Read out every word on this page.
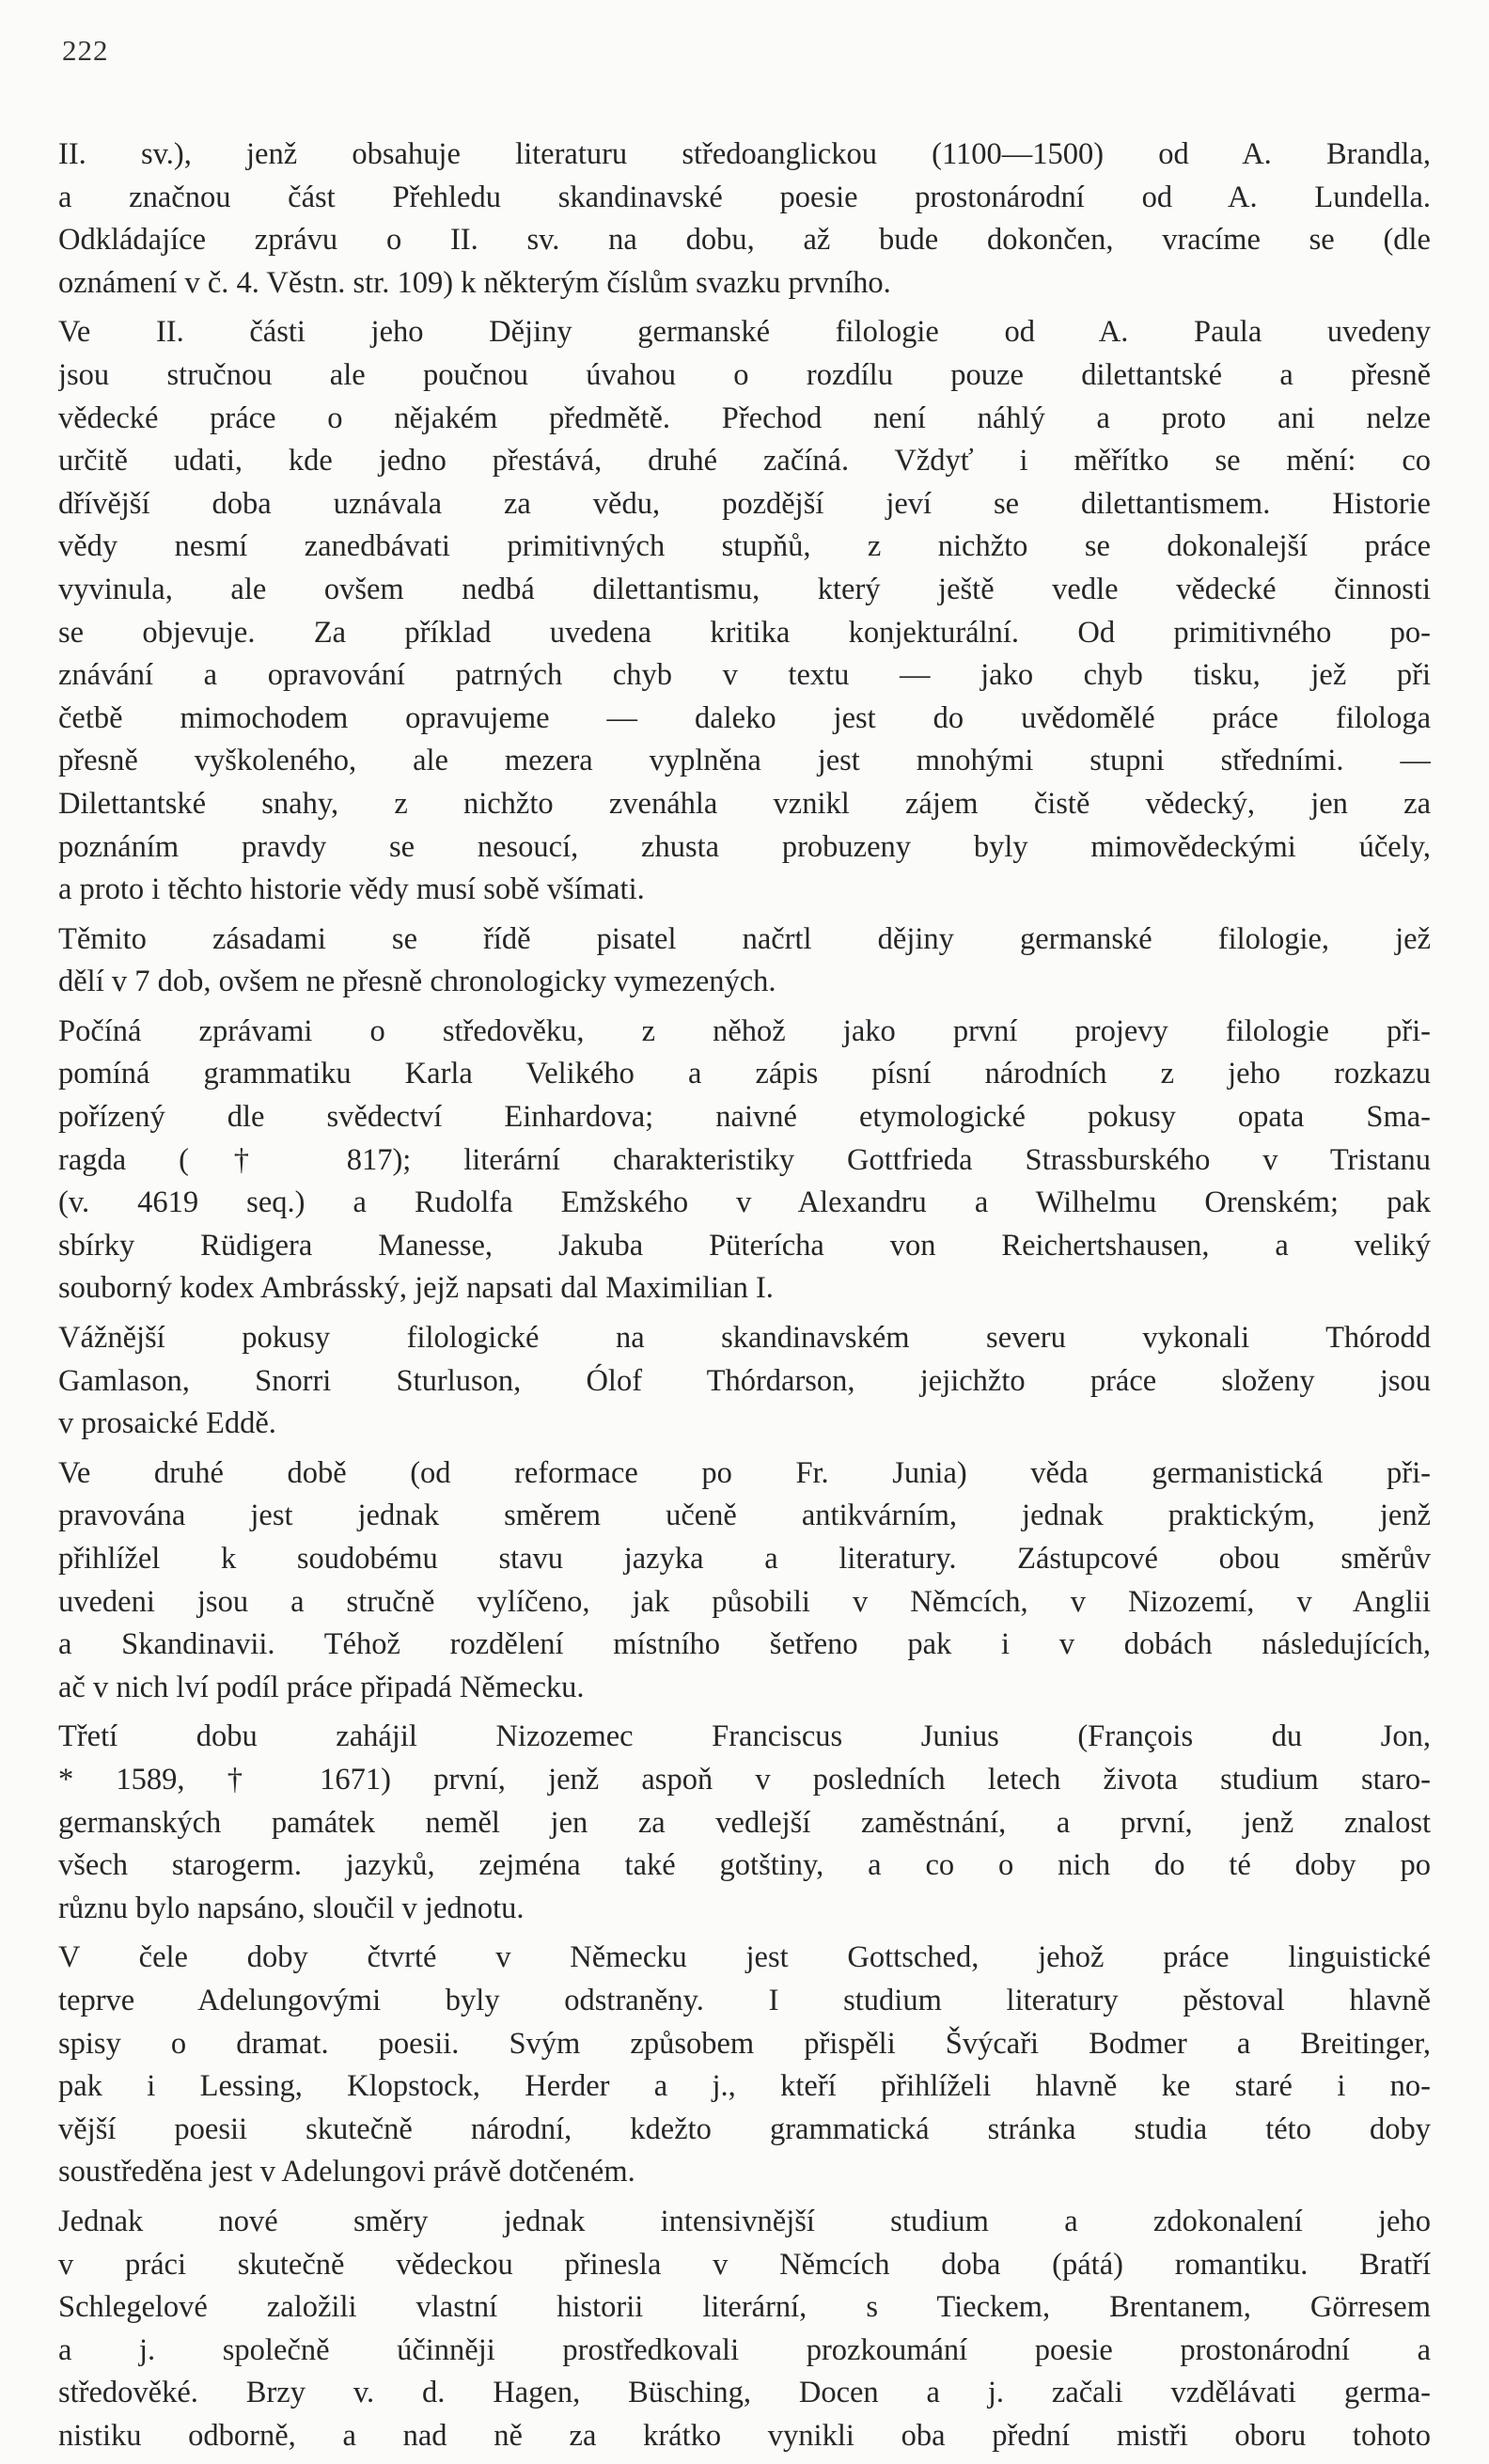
222
II. sv.), jenž obsahuje literaturu středoanglickou (1100—1500) od A. Brandla,
a značnou část Přehledu skandinavské poesie prostonárodní od A. Lundella.
Odkládajíce zprávu o II. sv. na dobu, až bude dokončen, vracíme se (dle
oznámení v č. 4. Věstn. str. 109) k některým číslům svazku prvního.
Ve II. části jeho Dějiny germanské filologie od A. Paula uvedeny
jsou stručnou ale poučnou úvahou o rozdílu pouze dilettantské a přesně
vědecké práce o nějakém předmětě. Přechod není náhlý a proto ani nelze
určitě udati, kde jedno přestává, druhé začíná. Vždyť i měřítko se mění: co
dřívější doba uznávala za vědu, pozdější jeví se dilettantismem. Historie
vědy nesmí zanedbávati primitivných stupňů, z nichžto se dokonalejší práce
vyvinula, ale ovšem nedbá dilettantismu, který ještě vedle vědecké činnosti
se objevuje. Za příklad uvedena kritika konjekturální. Od primitivného po-
znávání a opravování patrných chyb v textu — jako chyb tisku, jež při
četbě mimochodem opravujeme — daleko jest do uvědomělé práce filologa
přesně vyškoleného, ale mezera vyplněna jest mnohými stupni středními. —
Dilettantské snahy, z nichžto zvenáhla vznikl zájem čistě vědecký, jen za
poznáním pravdy se nesoucí, zhusta probuzeny byly mimovědeckými účely,
a proto i těchto historie vědy musí sobě všímati.
Těmito zásadami se řídě pisatel načrtl dějiny germanské filologie, jež
dělí v 7 dob, ovšem ne přesně chronologicky vymezených.
Počíná zprávami o středověku, z něhož jako první projevy filologie při-
pomíná grammatiku Karla Velikého a zápis písní národních z jeho rozkazu
pořízený dle svědectví Einhardova; naivné etymologické pokusy opata Sma-
ragda († 817); literární charakteristiky Gottfrieda Strassburského v Tristanu
(v. 4619 seq.) a Rudolfa Emžského v Alexandru a Wilhelmu Orenském; pak
sbírky Rüdigera Manesse, Jakuba Püterícha von Reichertshausen, a veliký
souborný kodex Ambrásský, jejž napsati dal Maximilian I.
Vážnější pokusy filologické na skandinavském severu vykonali Thórodd
Gamlason, Snorri Sturluson, Ólof Thórdarson, jejichžto práce složeny jsou
v prosaické Eddě.
Ve druhé době (od reformace po Fr. Junia) věda germanistická při-
pravována jest jednak směrem učeně antikvárním, jednak praktickým, jenž
přihlížel k soudobému stavu jazyka a literatury. Zástupcové obou směrův
uvedeni jsou a stručně vylíčeno, jak působili v Němcích, v Nizozemí, v Anglii
a Skandinavii. Téhož rozdělení místního šetřeno pak i v dobách následujících,
ač v nich lví podíl práce připadá Německu.
Třetí dobu zahájil Nizozemec Franciscus Junius (François du Jon,
* 1589, † 1671) první, jenž aspoň v posledních letech života studium staro-
germanských památek neměl jen za vedlejší zaměstnání, a první, jenž znalost
všech starogerm. jazyků, zejména také gotštiny, a co o nich do té doby po
různu bylo napsáno, sloučil v jednotu.
V čele doby čtvrté v Německu jest Gottsched, jehož práce linguistické
teprve Adelungovými byly odstraněny. I studium literatury pěstoval hlavně
spisy o dramat. poesii. Svým způsobem přispěli Švýcaři Bodmer a Breitinger,
pak i Lessing, Klopstock, Herder a j., kteří přihlíželi hlavně ke staré i no-
vější poesii skutečně národní, kdežto grammatická stránka studia této doby
soustředěna jest v Adelungovi právě dotčeném.
Jednak nové směry jednak intensivnější studium a zdokonalení jeho
v práci skutečně vědeckou přinesla v Němcích doba (pátá) romantiku. Bratří
Schlegelové založili vlastní historii literární, s Tieckem, Brentanem, Görresem
a j. společně účinněji prostředkovali prozkoumání poesie prostonárodní a
středověké. Brzy v. d. Hagen, Büsching, Docen a j. začali vzdělávati germa-
nistiku odborně, a nad ně za krátko vynikli oba přední mistři oboru tohoto
